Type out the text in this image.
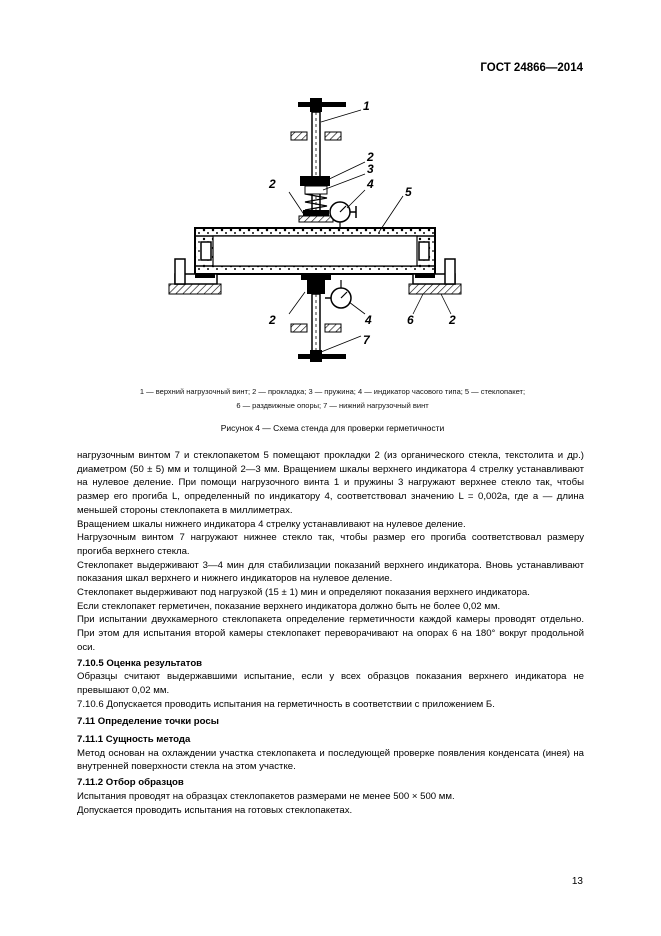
ГОСТ 24866—2014
1
2
3
4
2
5
2	4	6	2
7
1 — верхний нагрузочный винт; 2 — прокладка; 3 — пружина; 4 — индикатор часового типа; 5 — стеклопакет;
6 — раздвижные опоры; 7 — нижний нагрузочный винт
Рисунок 4 — Схема стенда для проверки герметичности

нагрузочным винтом 7 и стеклопакетом 5 помещают прокладки 2 (из органического стекла, текстолита и др.) диаметром (50 ± 5) мм и толщиной 2—3 мм. Вращением шкалы верхнего индикатора 4 стрелку устанавливают на нулевое деление. При помощи нагрузочного винта 1 и пружины 3 нагружают верхнее стекло так, чтобы размер его прогиба L, определенный по индикатору 4, соответствовал значению L = 0,002a, где a — длина меньшей стороны стеклопакета в миллиметрах.

Вращением шкалы нижнего индикатора 4 стрелку устанавливают на нулевое деление.

Нагрузочным винтом 7 нагружают нижнее стекло так, чтобы размер его прогиба соответствовал размеру прогиба верхнего стекла.

Стеклопакет выдерживают 3—4 мин для стабилизации показаний верхнего индикатора. Вновь устанавливают показания шкал верхнего и нижнего индикаторов на нулевое деление.

Стеклопакет выдерживают под нагрузкой (15 ± 1) мин и определяют показания верхнего индикатора.

Если стеклопакет герметичен, показание верхнего индикатора должно быть не более 0,02 мм.

При испытании двухкамерного стеклопакета определение герметичности каждой камеры проводят отдельно. При этом для испытания второй камеры стеклопакет переворачивают на опорах 6 на 180° вокруг продольной оси.

7.10.5 Оценка результатов

Образцы считают выдержавшими испытание, если у всех образцов показания верхнего индикатора не превышают 0,02 мм.

7.10.6 Допускается проводить испытания на герметичность в соответствии с приложением Б.

7.11 Определение точки росы

7.11.1 Сущность метода

Метод основан на охлаждении участка стеклопакета и последующей проверке появления конденсата (инея) на внутренней поверхности стекла на этом участке.

7.11.2 Отбор образцов

Испытания проводят на образцах стеклопакетов размерами не менее 500 × 500 мм.

Допускается проводить испытания на готовых стеклопакетах.

13
